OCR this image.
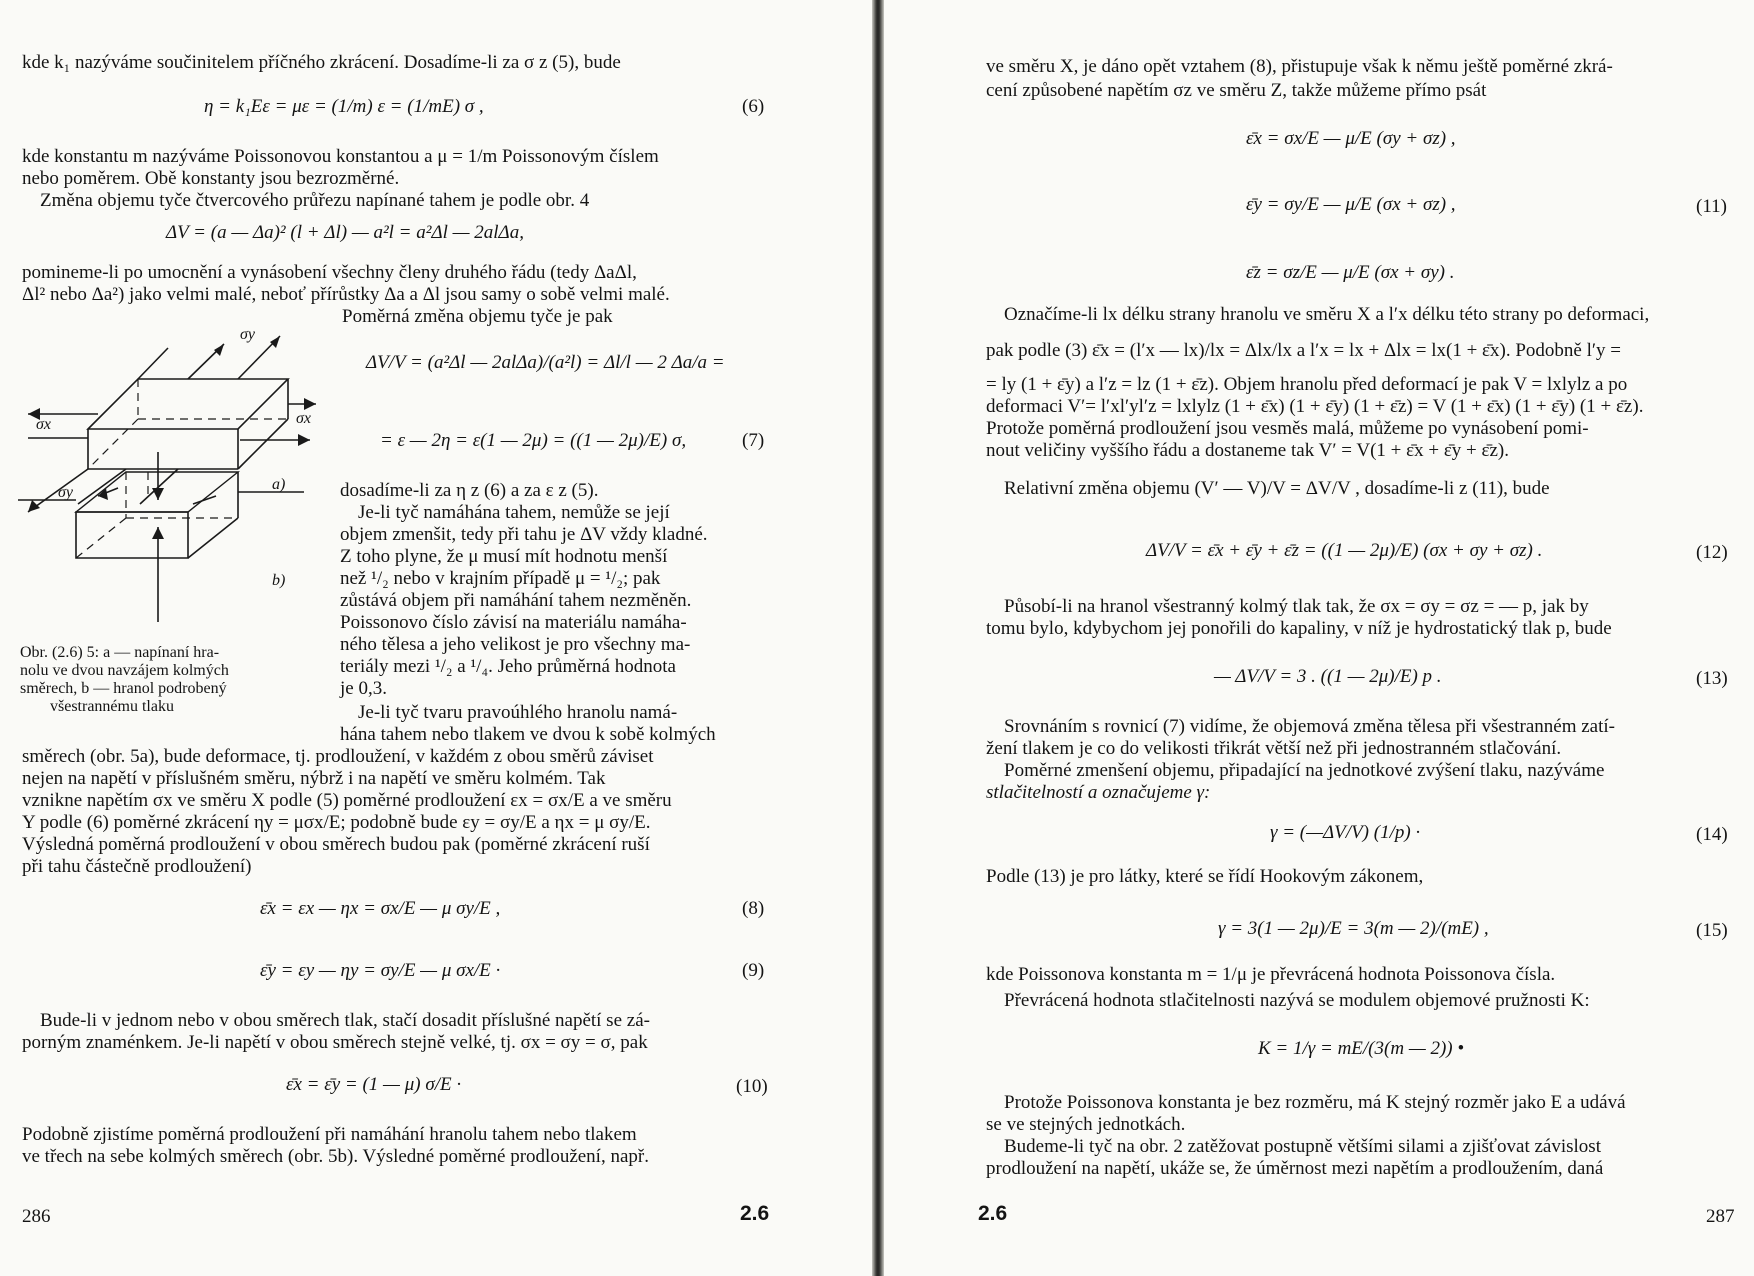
kde k₁ nazýváme součinitelem příčného zkrácení. Dosadíme-li za σ z (5), bude
η = k₁Eε = με = (1/m) ε = (1/mE) σ ,	(6)
kde konstantu m nazýváme Poissonovou konstantou a μ = 1/m Poissonovým číslem
nebo poměrem. Obě konstanty jsou bezrozměrné.
Změna objemu tyče čtvercového průřezu napínané tahem je podle obr. 4
ΔV = (a — Δa)² (l + Δl) — a²l = a²Δl — 2alΔa,
pomineme-li po umocnění a vynásobení všechny členy druhého řádu (tedy ΔaΔl,
Δl² nebo Δa²) jako velmi malé, neboť přírůstky Δa a Δl jsou samy o sobě velmi malé.
Poměrná změna objemu tyče je pak
σy
σx	σx
a)
σy
b)
ΔV/V = (a²Δl — 2alΔa)/(a²l) = Δl/l — 2 Δa/a =
= ε — 2η = ε(1 — 2μ) = ((1 — 2μ)/E) σ,	(7)
dosadíme-li za η z (6) a za ε z (5).
Je-li tyč namáhána tahem, nemůže se její
objem zmenšit, tedy při tahu je ΔV vždy kladné.
Z toho plyne, že μ musí mít hodnotu menší
než ¹/₂ nebo v krajním případě μ = ¹/₂; pak
zůstává objem při namáhání tahem nezměněn.
Poissonovo číslo závisí na materiálu namáha-
ného tělesa a jeho velikost je pro všechny ma-
teriály mezi ¹/₂ a ¹/₄. Jeho průměrná hodnota
je 0,3.
Je-li tyč tvaru pravoúhlého hranolu namá-
hána tahem nebo tlakem ve dvou k sobě kolmých
Obr. (2.6) 5: a — napínaní hra-
nolu ve dvou navzájem kolmých
směrech, b — hranol podrobený
všestrannému tlaku
směrech (obr. 5a), bude deformace, tj. prodloužení, v každém z obou směrů záviset
nejen na napětí v příslušném směru, nýbrž i na napětí ve směru kolmém. Tak
vznikne napětím σx ve směru X podle (5) poměrné prodloužení εx = σx/E a ve směru
Y podle (6) poměrné zkrácení ηy = μσx/E; podobně bude εy = σy/E a ηx = μ σy/E.
Výsledná poměrná prodloužení v obou směrech budou pak (poměrné zkrácení ruší
při tahu částečně prodloužení)
ε̄x = εx — ηx = σx/E — μ σy/E ,	(8)
ε̄y = εy — ηy = σy/E — μ σx/E ·	(9)
Bude-li v jednom nebo v obou směrech tlak, stačí dosadit příslušné napětí se zá-
porným znaménkem. Je-li napětí v obou směrech stejně velké, tj. σx = σy = σ, pak
ε̄x = ε̄y = (1 — μ) σ/E ·	(10)
Podobně zjistíme poměrná prodloužení při namáhání hranolu tahem nebo tlakem
ve třech na sebe kolmých směrech (obr. 5b). Výsledné poměrné prodloužení, např.
286	2.6
ve směru X, je dáno opět vztahem (8), přistupuje však k němu ještě poměrné zkrá-
cení způsobené napětím σz ve směru Z, takže můžeme přímo psát
ε̄x = σx/E — μ/E (σy + σz) ,
ε̄y = σy/E — μ/E (σx + σz) ,	(11)
ε̄z = σz/E — μ/E (σx + σy) .
Označíme-li lx délku strany hranolu ve směru X a l′x délku této strany po deformaci,
pak podle (3) ε̄x = (l′x — lx)/lx = Δlx/lx a l′x = lx + Δlx = lx(1 + ε̄x). Podobně l′y =
= ly (1 + ε̄y) a l′z = lz (1 + ε̄z). Objem hranolu před deformací je pak V = lxlylz a po
deformaci V′= l′xl′yl′z = lxlylz (1 + ε̄x) (1 + ε̄y) (1 + ε̄z) = V (1 + ε̄x) (1 + ε̄y) (1 + ε̄z).
Protože poměrná prodloužení jsou vesměs malá, můžeme po vynásobení pomi-
nout veličiny vyššího řádu a dostaneme tak V′ = V(1 + ε̄x + ε̄y + ε̄z).
Relativní změna objemu (V′ — V)/V = ΔV/V , dosadíme-li z (11), bude
ΔV/V = ε̄x + ε̄y + ε̄z = ((1 — 2μ)/E) (σx + σy + σz) .	(12)
Působí-li na hranol všestranný kolmý tlak tak, že σx = σy = σz = — p, jak by
tomu bylo, kdybychom jej ponořili do kapaliny, v níž je hydrostatický tlak p, bude
— ΔV/V = 3 . ((1 — 2μ)/E) p .	(13)
Srovnáním s rovnicí (7) vidíme, že objemová změna tělesa při všestranném zatí-
žení tlakem je co do velikosti třikrát větší než při jednostranném stlačování.
Poměrné zmenšení objemu, připadající na jednotkové zvýšení tlaku, nazýváme
stlačitelností a označujeme γ:
γ = (—ΔV/V) (1/p) ·	(14)
Podle (13) je pro látky, které se řídí Hookovým zákonem,
γ = 3(1 — 2μ)/E = 3(m — 2)/(mE) ,	(15)
kde Poissonova konstanta m = 1/μ je převrácená hodnota Poissonova čísla.
Převrácená hodnota stlačitelnosti nazývá se modulem objemové pružnosti K:
K = 1/γ = mE/(3(m — 2)) •
Protože Poissonova konstanta je bez rozměru, má K stejný rozměr jako E a udává
se ve stejných jednotkách.
Budeme-li tyč na obr. 2 zatěžovat postupně většími silami a zjišťovat závislost
prodloužení na napětí, ukáže se, že úměrnost mezi napětím a prodloužením, daná
2.6	287
